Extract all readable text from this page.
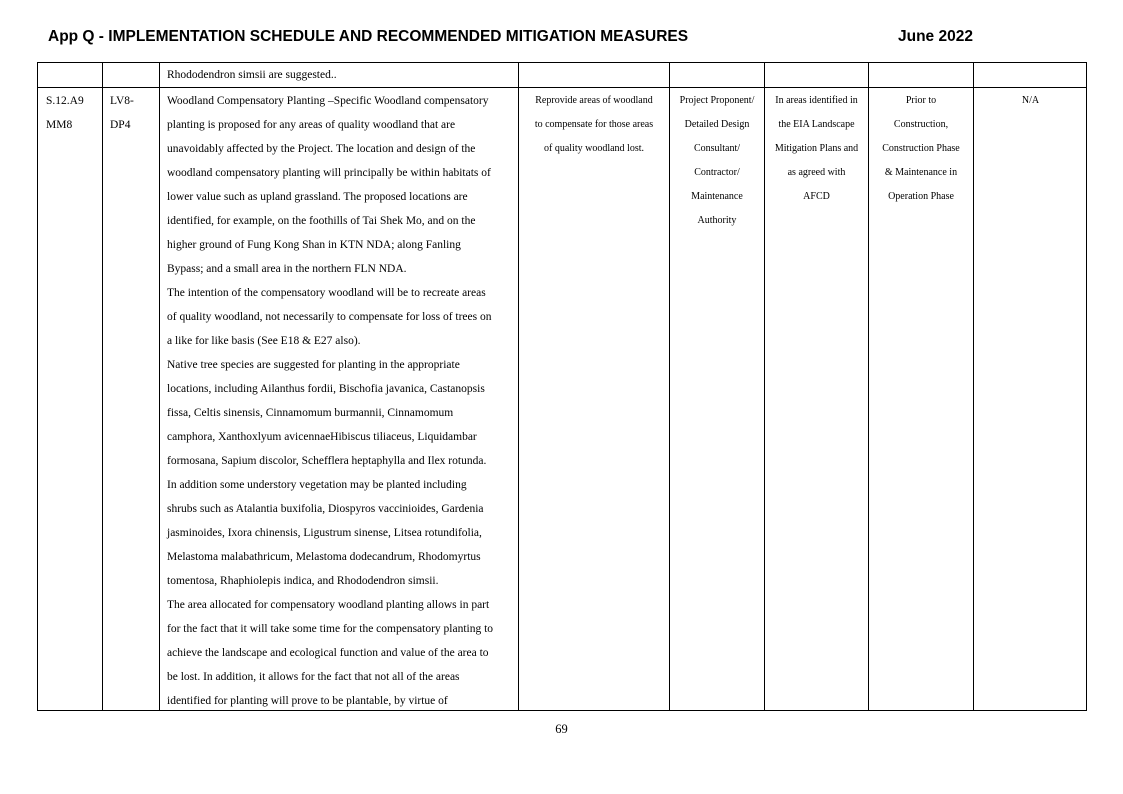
App Q - IMPLEMENTATION SCHEDULE AND RECOMMENDED MITIGATION MEASURES	June 2022
Rhododendron simsii are suggested..
S.12.A9
MM8
LV8-
DP4
Woodland Compensatory Planting –Specific Woodland compensatory
planting is proposed for any areas of quality woodland that are
unavoidably affected by the Project. The location and design of the
woodland compensatory planting will principally be within habitats of
lower value such as upland grassland. The proposed locations are
identified, for example, on the foothills of Tai Shek Mo, and on the
higher ground of Fung Kong Shan in KTN NDA; along Fanling
Bypass; and a small area in the northern FLN NDA.
The intention of the compensatory woodland will be to recreate areas
of quality woodland, not necessarily to compensate for loss of trees on
a like for like basis (See E18 & E27 also).
Native tree species are suggested for planting in the appropriate
locations, including Ailanthus fordii, Bischofia javanica, Castanopsis
fissa, Celtis sinensis, Cinnamomum burmannii, Cinnamomum
camphora, Xanthoxlyum avicennaeHibiscus tiliaceus, Liquidambar
formosana, Sapium discolor, Schefflera heptaphylla and Ilex rotunda.
In addition some understory vegetation may be planted including
shrubs such as Atalantia buxifolia, Diospyros vaccinioides, Gardenia
jasminoides, Ixora chinensis, Ligustrum sinense, Litsea rotundifolia,
Melastoma malabathricum, Melastoma dodecandrum, Rhodomyrtus
tomentosa, Rhaphiolepis indica, and Rhododendron simsii.
The area allocated for compensatory woodland planting allows in part
for the fact that it will take some time for the compensatory planting to
achieve the landscape and ecological function and value of the area to
be lost. In addition, it allows for the fact that not all of the areas
identified for planting will prove to be plantable, by virtue of
Reprovide areas of woodland
to compensate for those areas
of quality woodland lost.
Project Proponent/
Detailed Design
Consultant/
Contractor/
Maintenance
Authority
In areas identified in
the EIA Landscape
Mitigation Plans and
as agreed with
AFCD
Prior to
Construction,
Construction Phase
& Maintenance in
Operation Phase
N/A
69
